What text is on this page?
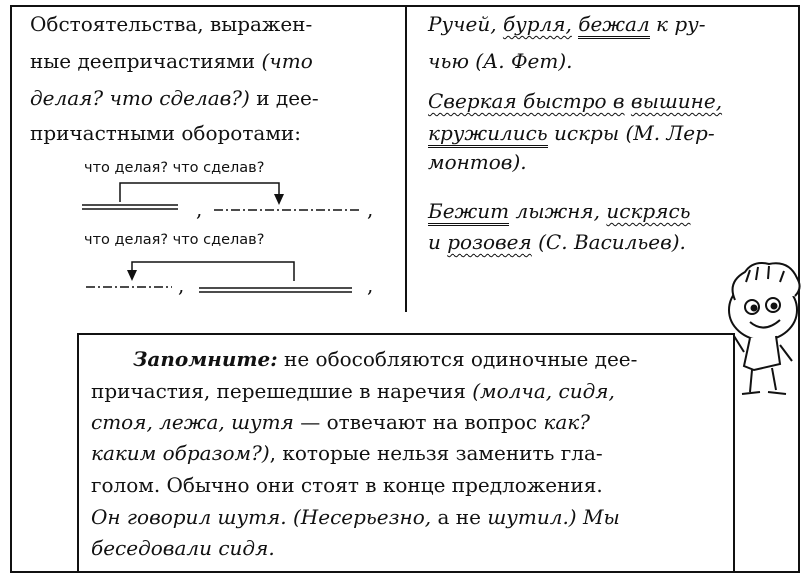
Обстоятельства, выражен-
ные деепричастиями (что
делая? что сделав?) и дее-
причастными оборотами:
что делая? что сделав?
,	,
что делая? что сделав?
,	,
Ручей, бурля, бежал к ру-
чью (А. Фет).
Сверкая быстро в вышине,
кружились искры (М. Лер-
монтов).
Бежит лыжня, искрясь
и розовея (С. Васильев).
Запомните: не обособляются одиночные дее-
причастия, перешедшие в наречия (молча, сидя,
стоя, лежа, шутя — отвечают на вопрос как?
каким образом?), которые нельзя заменить гла-
голом. Обычно они стоят в конце предложения.
Он говорил шутя. (Несерьезно, а не шутил.) Мы
беседовали сидя.
